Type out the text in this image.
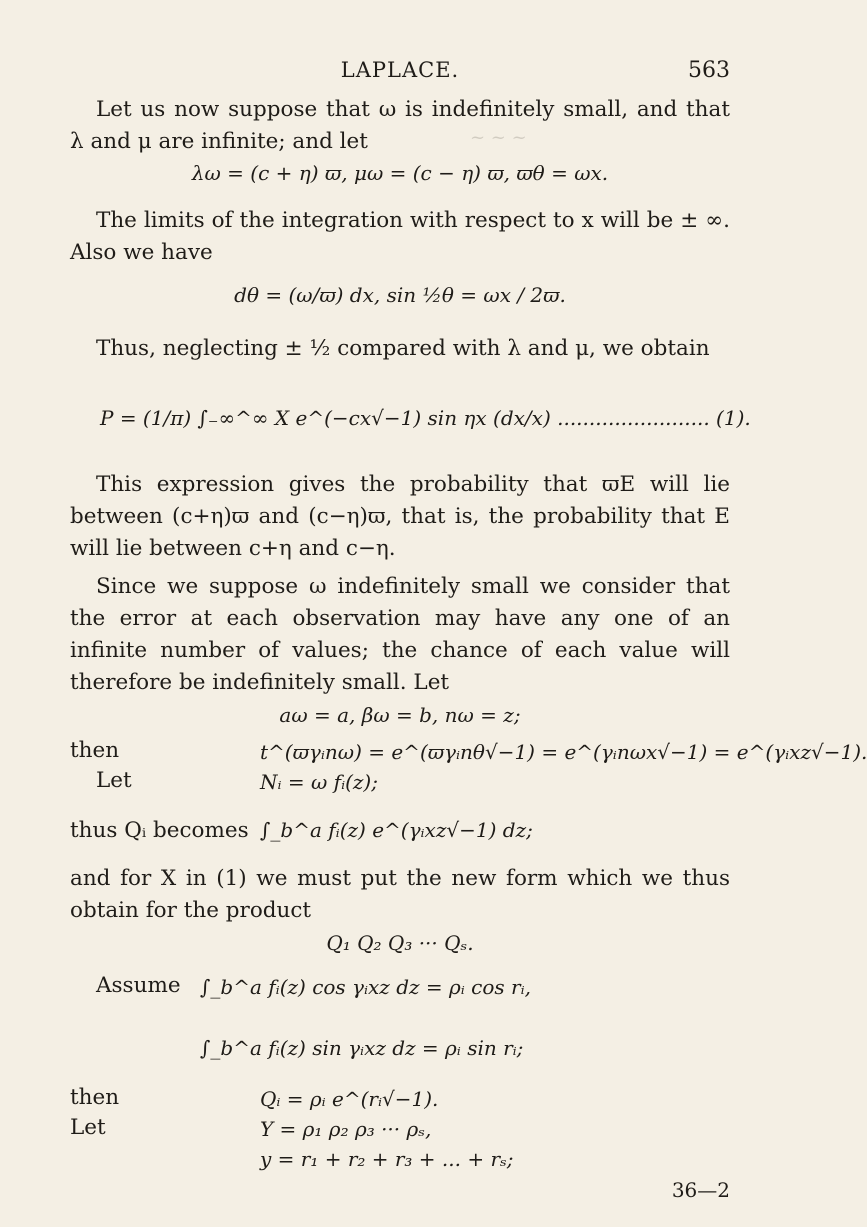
LAPLACE.	563
~ ~ ~
Let us now suppose that ω is indefinitely small, and that λ and μ are infinite; and let
λω = (c + η) ϖ, μω = (c − η) ϖ, ϖθ = ωx.
The limits of the integration with respect to x will be ± ∞. Also we have
dθ = (ω/ϖ) dx, sin ½θ = ωx / 2ϖ.
Thus, neglecting ± ½ compared with λ and μ, we obtain
P = (1/π) ∫₋∞^∞ X e^(−cx√−1) sin ηx (dx/x) ........................ (1).
This expression gives the probability that ϖE will lie between (c+η)ϖ and (c−η)ϖ, that is, the probability that E will lie between c+η and c−η.
Since we suppose ω indefinitely small we consider that the error at each observation may have any one of an infinite number of values; the chance of each value will therefore be indefinitely small. Let
aω = a, βω = b, nω = z;
then	t^(ϖγᵢnω) = e^(ϖγᵢnθ√−1) = e^(γᵢnωx√−1) = e^(γᵢxz√−1).
Let	Nᵢ = ω fᵢ(z);
thus Qᵢ becomes ∫_b^a fᵢ(z) e^(γᵢxz√−1) dz;
and for X in (1) we must put the new form which we thus obtain for the product
Q₁ Q₂ Q₃ ··· Qₛ.
Assume ∫_b^a fᵢ(z) cos γᵢxz dz = ρᵢ cos rᵢ,
∫_b^a fᵢ(z) sin γᵢxz dz = ρᵢ sin rᵢ;
then	Qᵢ = ρᵢ e^(rᵢ√−1).
Let	Y = ρ₁ ρ₂ ρ₃ ··· ρₛ,
y = r₁ + r₂ + r₃ + ... + rₛ;
36—2
